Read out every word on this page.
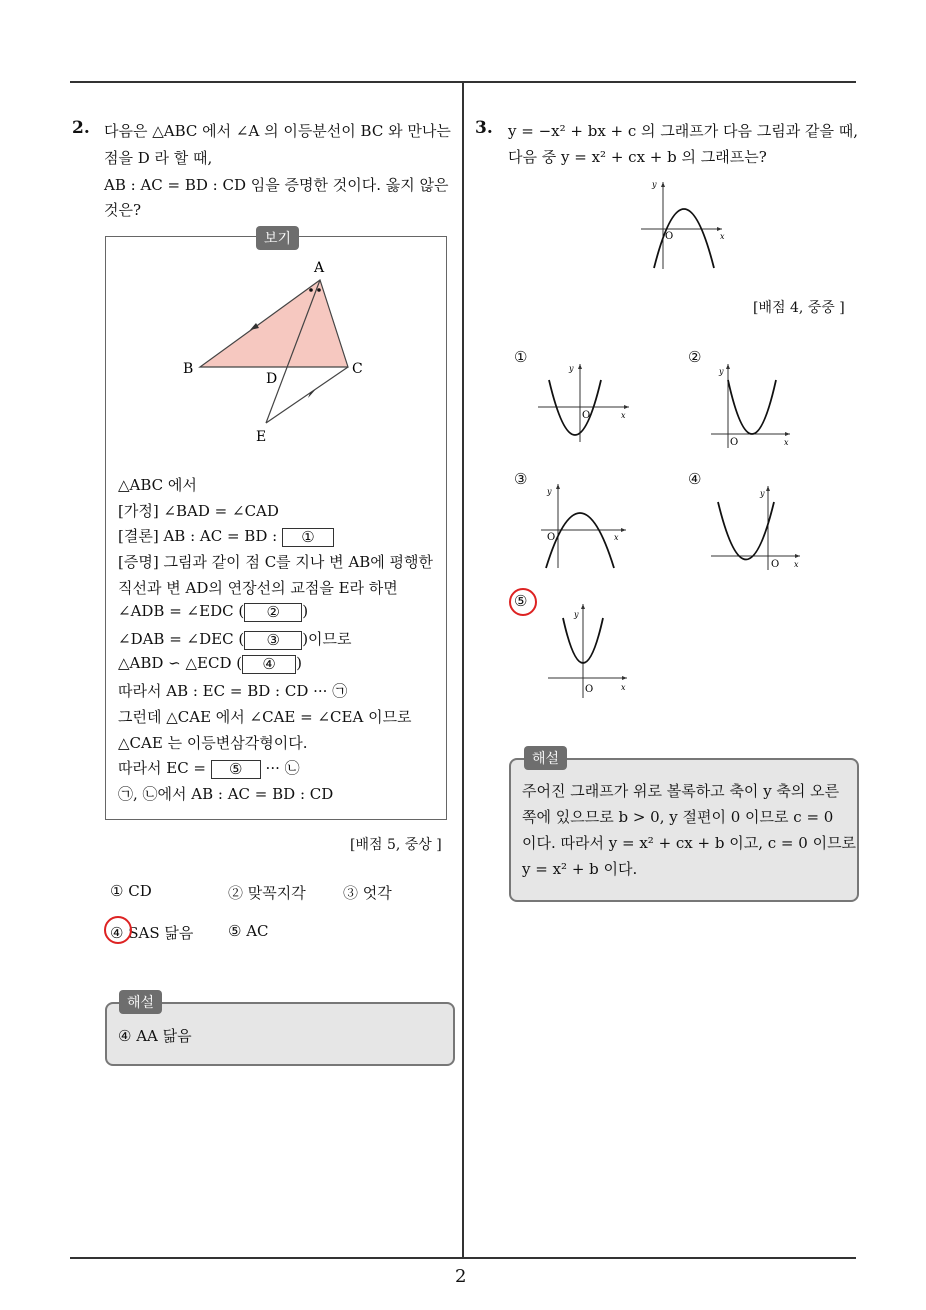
2
2. 다음은 △ABC 에서 ∠A 의 이등분선이 BC 와 만나는
점을 D 라 할 때,
AB : AC = BD : CD 임을 증명한 것이다. 옳지 않은
것은?
보기
A
B	C
D
E
△ABC 에서
[가정] ∠BAD = ∠CAD
[결론] AB : AC = BD : ①
[증명] 그림과 같이 점 C를 지나 변 AB에 평행한
직선과 변 AD의 연장선의 교점을 E라 하면
∠ADB = ∠EDC ( ② )
∠DAB = ∠DEC ( ③ )이므로
△ABD ∽ △ECD ( ④ )
따라서 AB : EC = BD : CD ··· ㉠
그런데 △CAE 에서 ∠CAE = ∠CEA 이므로
△CAE 는 이등변삼각형이다.
따라서 EC = ⑤ ··· ㉡
㉠, ㉡에서 AB : AC = BD : CD
[배점 5, 중상 ]
① CD	② 맞꼭지각 ③ 엇각
④ SAS 닮음 ⑤ AC
해설
④ AA 닮음
3. y = −x² + bx + c 의 그래프가 다음 그림과 같을 때,
다음 중 y = x² + cx + b 의 그래프는?
x
y
O
[배점 4, 중중 ]
①
x
y
O
②
x
y
O
③
x
y
O
④
x
y
O
⑤
x
y
O
해설
주어진 그래프가 위로 볼록하고 축이 y 축의 오른
쪽에 있으므로 b > 0, y 절편이 0 이므로 c = 0
이다. 따라서 y = x² + cx + b 이고, c = 0 이므로
y = x² + b 이다.
